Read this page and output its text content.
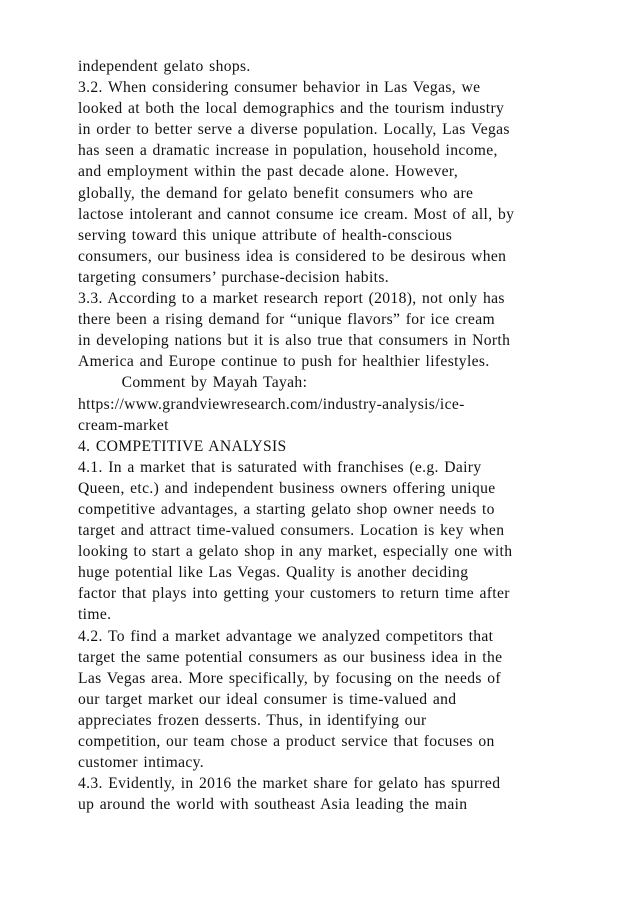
independent gelato shops.
3.2. When considering consumer behavior in Las Vegas, we
looked at both the local demographics and the tourism industry
in order to better serve a diverse population. Locally, Las Vegas
has seen a dramatic increase in population, household income,
and employment within the past decade alone. However,
globally, the demand for gelato benefit consumers who are
lactose intolerant and cannot consume ice cream. Most of all, by
serving toward this unique attribute of health-conscious
consumers, our business idea is considered to be desirous when
targeting consumers’ purchase-decision habits.
3.3. According to a market research report (2018), not only has
there been a rising demand for “unique flavors” for ice cream
in developing nations but it is also true that consumers in North
America and Europe continue to push for healthier lifestyles.
Comment by Mayah Tayah:
https://www.grandviewresearch.com/industry-analysis/ice-
cream-market
4. COMPETITIVE ANALYSIS
4.1. In a market that is saturated with franchises (e.g. Dairy
Queen, etc.) and independent business owners offering unique
competitive advantages, a starting gelato shop owner needs to
target and attract time-valued consumers. Location is key when
looking to start a gelato shop in any market, especially one with
huge potential like Las Vegas. Quality is another deciding
factor that plays into getting your customers to return time after
time.
4.2. To find a market advantage we analyzed competitors that
target the same potential consumers as our business idea in the
Las Vegas area. More specifically, by focusing on the needs of
our target market our ideal consumer is time-valued and
appreciates frozen desserts. Thus, in identifying our
competition, our team chose a product service that focuses on
customer intimacy.
4.3. Evidently, in 2016 the market share for gelato has spurred
up around the world with southeast Asia leading the main
